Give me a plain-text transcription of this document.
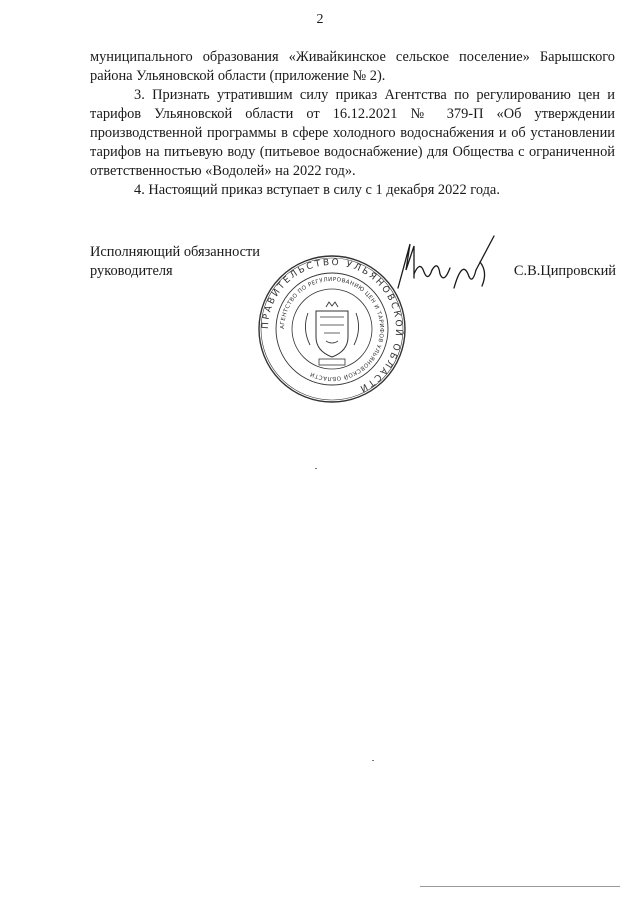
2

муниципального образования «Живайкинское сельское поселение» Барышского района Ульяновской области (приложение № 2).

3. Признать утратившим силу приказ Агентства по регулированию цен и тарифов Ульяновской области от 16.12.2021 № 379-П «Об утверждении производственной программы в сфере холодного водоснабжения и об установлении тарифов на питьевую воду (питьевое водоснабжение) для Общества с ограниченной ответственностью «Водолей» на 2022 год».

4. Настоящий приказ вступает в силу с 1 декабря 2022 года.

Исполняющий обязанности
руководителя	С.В.Ципровский
ПРАВИТЕЛЬСТВО УЛЬЯНОВСКОЙ ОБЛАСТИ
АГЕНТСТВО ПО РЕГУЛИРОВАНИЮ ЦЕН И ТАРИФОВ УЛЬЯНОВСКОЙ ОБЛАСТИ
